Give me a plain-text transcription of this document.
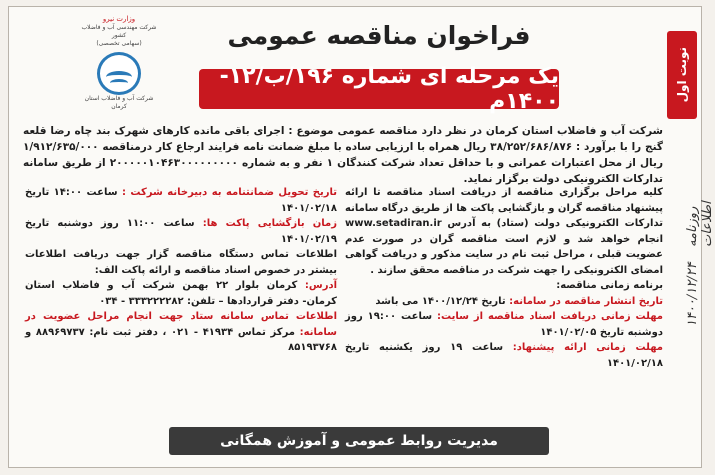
نوبت اول
روزنامه اطلاعات
۱۴۰۰/۱۲/۲۴
وزارت نیرو
شرکت مهندسی آب و فاضلاب کشور
(سهامی تخصصی)
شرکت آب و فاضلاب استان کرمان
فراخوان مناقصه عمومی
یک مرحله ای شماره ۱۹۶/ب/۱۲- ۱۴۰۰م
شرکت آب و فاضلاب استان کرمان در نظر دارد مناقصه عمومی موضوع : اجرای باقی مانده کارهای شهرک بند چاه رضا قلعه گنج را با برآورد : ۳۸/۲۵۲/۶۸۶/۸۷۶ ریال همراه با ارزیابی ساده با مبلغ ضمانت نامه فرایند ارجاع کار درمناقصه ۱/۹۱۲/۶۳۵/۰۰۰ ریال از محل اعتبارات عمرانی و با حداقل تعداد شرکت کنندگان ۱ نفر و به شماره ۲۰۰۰۰۰۱۰۴۶۳۰۰۰۰۰۰۰۰۰ از طریق سامانه تدارکات الکترونیکی دولت برگزار نماید.
کلیه مراحل برگزاری مناقصه از دریافت اسناد مناقصه تا ارائه پیشنهاد مناقصه گران و بازگشایی پاکت ها از طریق درگاه سامانه تدارکات الکترونیکی دولت (ستاد) به آدرس www.setadiran.ir انجام خواهد شد و لازم است مناقصه گران در صورت عدم عضویت قبلی ، مراحل ثبت نام در سایت مذکور و دریافت گواهی امضای الکترونیکی را جهت شرکت در مناقصه محقق سازند .
برنامه زمانی مناقصه:
تاریخ انتشار مناقصه در سامانه: تاریخ ۱۴۰۰/۱۲/۲۴ می باشد
مهلت زمانی دریافت اسناد مناقصه از سایت: ساعت ۱۹:۰۰ روز دوشنبه تاریخ ۱۴۰۱/۰۲/۰۵
مهلت زمانی ارائه پیشنهاد: ساعت ۱۹ روز یکشنبه تاریخ ۱۴۰۱/۰۲/۱۸
تاریخ تحویل ضمانتنامه به دبیرخانه شرکت : ساعت ۱۴:۰۰ تاریخ ۱۴۰۱/۰۲/۱۸
زمان بازگشایی پاکت ها: ساعت ۱۱:۰۰ روز دوشنبه تاریخ ۱۴۰۱/۰۲/۱۹
اطلاعات تماس دستگاه مناقصه گزار جهت دریافت اطلاعات بیشتر در خصوص اسناد مناقصه و ارائه پاکت الف:
آدرس: کرمان بلوار ۲۲ بهمن شرکت آب و فاضلاب استان کرمان- دفتر قراردادها – تلفن: ۳۳۳۲۲۲۲۸۲ - ۰۳۴
اطلاعات تماس سامانه ستاد جهت انجام مراحل عضویت در سامانه: مرکز تماس ۴۱۹۳۴ - ۰۲۱ ، دفتر ثبت نام: ۸۸۹۶۹۷۳۷ و ۸۵۱۹۳۷۶۸
مدیریت روابط عمومی و آموزش همگانی
